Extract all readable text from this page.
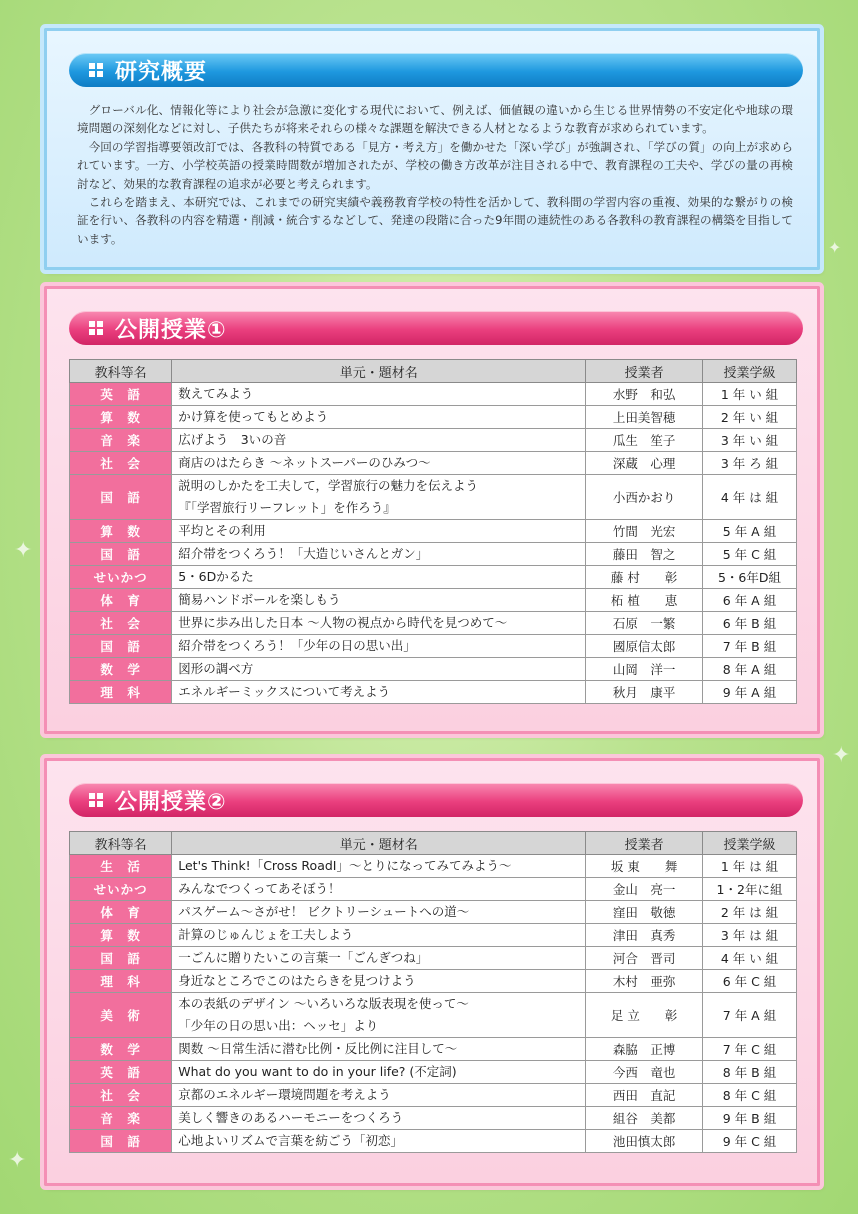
✦
✦
✦
✦
研究概要

グローバル化、情報化等により社会が急激に変化する現代において、例えば、価値観の違いから生じる世界情勢の不安定化や地球の環境問題の深刻化などに対し、子供たちが将来それらの様々な課題を解決できる人材となるような教育が求められています。

今回の学習指導要領改訂では、各教科の特質である「見方・考え方」を働かせた「深い学び」が強調され、「学びの質」の向上が求められています。一方、小学校英語の授業時間数が増加されたが、学校の働き方改革が注目される中で、教育課程の工夫や、学びの量の再検討など、効果的な教育課程の追求が必要と考えられます。

これらを踏まえ、本研究では、これまでの研究実績や義務教育学校の特性を活かして、教科間の学習内容の重複、効果的な繋がりの検証を行い、各教科の内容を精選・削減・統合するなどして、発達の段階に合った9年間の連続性のある各教科の教育課程の構築を目指しています。

公開授業①
教科等名	単元・題材名	授業者	授業学級
英　語	数えてみよう	水野　和弘	1 年 い 組
算　数	かけ算を使ってもとめよう	上田美智穂	2 年 い 組
音　楽	広げよう　3いの音	瓜生　笙子	3 年 い 組
社　会	商店のはたらき ～ネットスーパーのひみつ～	深蔵　心理	3 年 ろ 組
国　語	説明のしかたを工夫して，学習旅行の魅力を伝えよう
『「学習旅行リーフレット」を作ろう』	小西かおり	4 年 は 組
算　数	平均とその利用	竹間　光宏	5 年 A 組
国　語	紹介帯をつくろう！「大造じいさんとガン」	藤田　智之	5 年 C 組
せいかつ	5・6Dかるた	藤 村　　彰	5・6年D組
体　育	簡易ハンドボールを楽しもう	柘 植　　恵	6 年 A 組
社　会	世界に歩み出した日本 ～人物の視点から時代を見つめて～	石原　一繁	6 年 B 組
国　語	紹介帯をつくろう！「少年の日の思い出」	國原信太郎	7 年 B 組
数　学	図形の調べ方	山岡　洋一	8 年 A 組
理　科	エネルギーミックスについて考えよう	秋月　康平	9 年 A 組
公開授業②
教科等名	単元・題材名	授業者	授業学級
生　活	Let's Think!「Cross RoadⅠ」～とりになってみてみよう～	坂 東　　舞	1 年 は 組
せいかつ	みんなでつくってあそぼう！	金山　亮一	1・2年に組
体　育	パスゲーム～さがせ！ ビクトリーシュートへの道～	窪田　敬徳	2 年 は 組
算　数	計算のじゅんじょを工夫しよう	津田　真秀	3 年 は 組
国　語	一ごんに贈りたいこの言葉一「ごんぎつね」	河合　晋司	4 年 い 組
理　科	身近なところでこのはたらきを見つけよう	木村　亜弥	6 年 C 組
美　術	本の表紙のデザイン ～いろいろな版表現を使って～
「少年の日の思い出：ヘッセ」より	足 立　　彰	7 年 A 組
数　学	関数 ～日常生活に潜む比例・反比例に注目して～	森脇　正博	7 年 C 組
英　語	What do you want to do in your life? (不定詞)	今西　竜也	8 年 B 組
社　会	京都のエネルギー環境問題を考えよう	西田　直記	8 年 C 組
音　楽	美しく響きのあるハーモニーをつくろう	組谷　美都	9 年 B 組
国　語	心地よいリズムで言葉を紡ごう「初恋」	池田慎太郎	9 年 C 組
